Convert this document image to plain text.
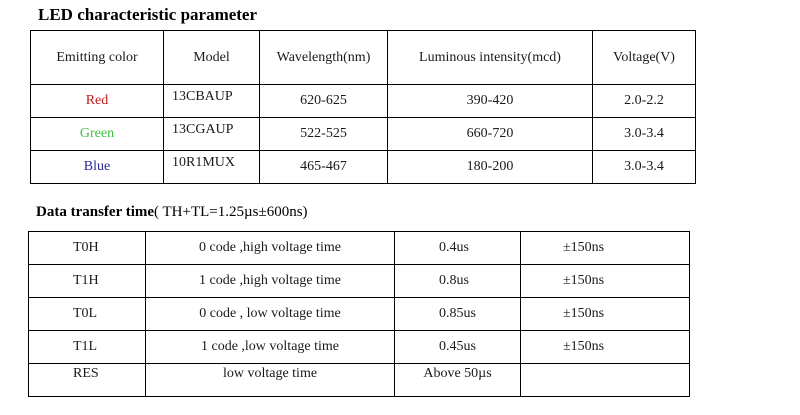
LED characteristic parameter
Emitting color	Model	Wavelength(nm)	Luminous intensity(mcd)	Voltage(V)
Red	13CBAUP	620-625	390-420	2.0-2.2
Green	13CGAUP	522-525	660-720	3.0-3.4
Blue	10R1MUX	465-467	180-200	3.0-3.4
Data transfer time( TH+TL=1.25µs±600ns)
T0H	0 code ,high voltage time	0.4us	±150ns
T1H	1 code ,high voltage time	0.8us	±150ns
T0L	0 code , low voltage time	0.85us	±150ns
T1L	1 code ,low voltage time	0.45us	±150ns
RES	low voltage time	Above 50µs	
